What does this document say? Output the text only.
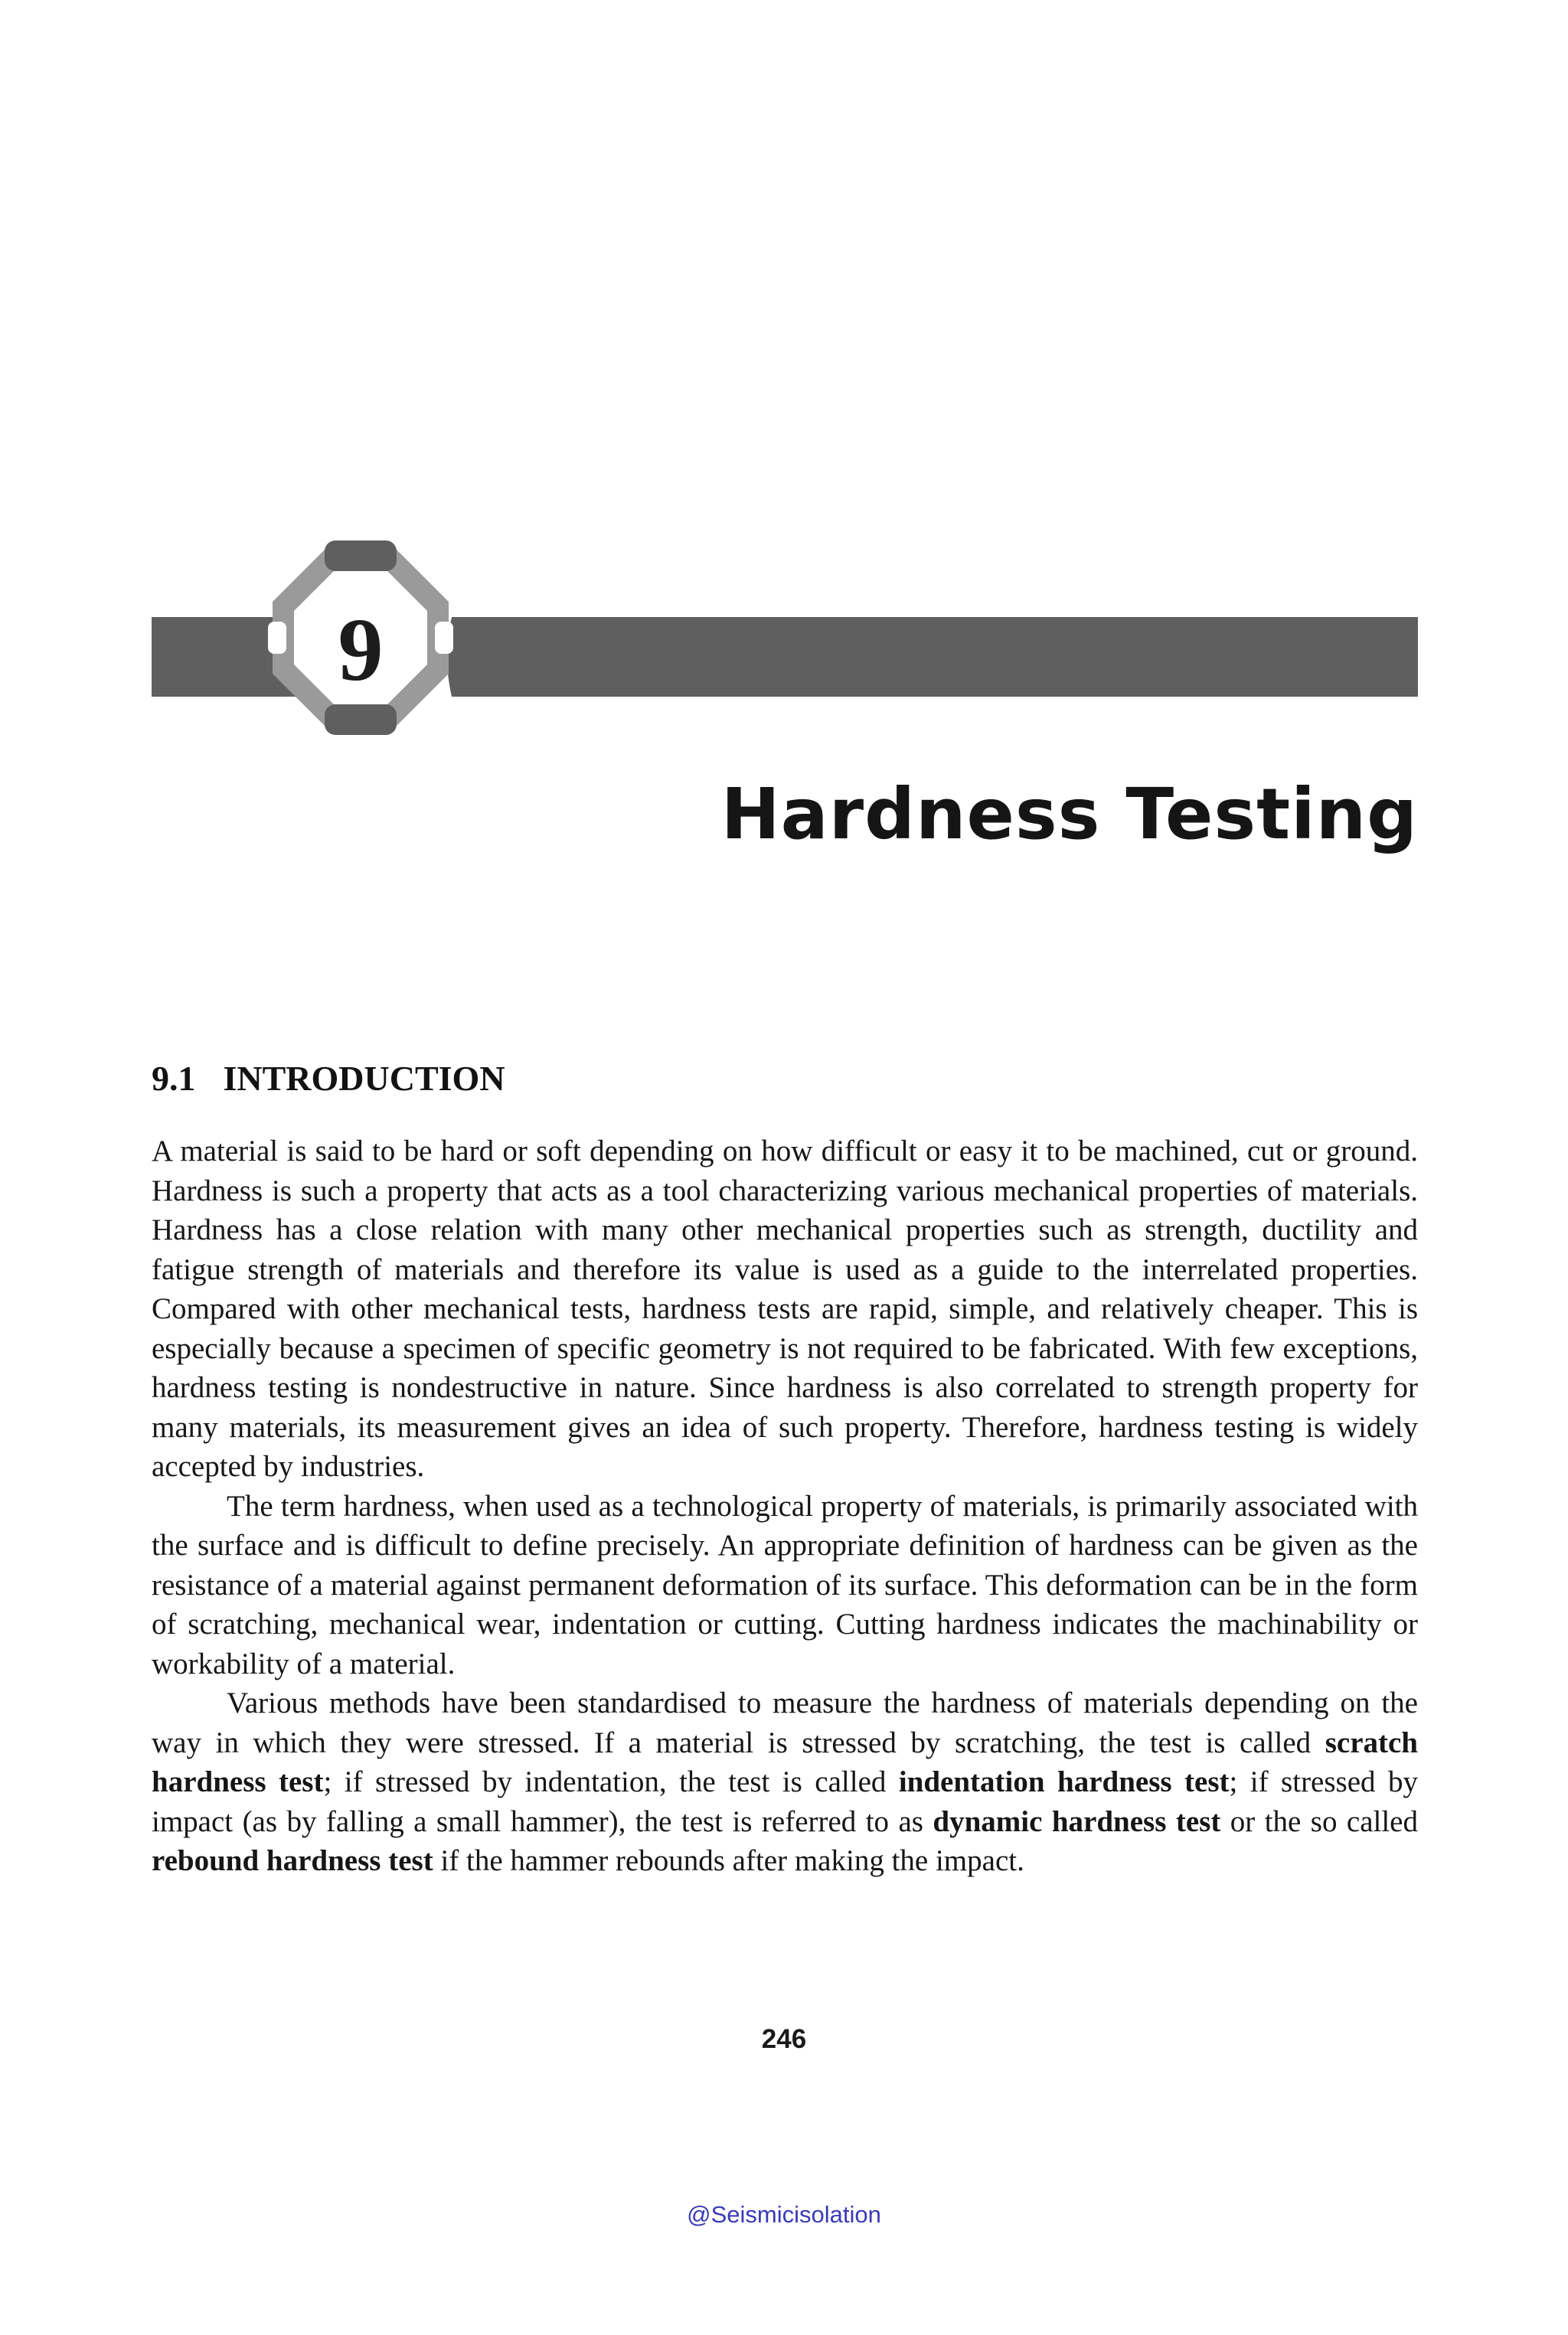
9
Hardness Testing
9.1 INTRODUCTION

A material is said to be hard or soft depending on how difficult or easy it to be machined, cut or ground. Hardness is such a property that acts as a tool characterizing various mechanical properties of materials. Hardness has a close relation with many other mechanical properties such as strength, ductility and fatigue strength of materials and therefore its value is used as a guide to the interrelated properties. Compared with other mechanical tests, hardness tests are rapid, simple, and relatively cheaper. This is especially because a specimen of specific geometry is not required to be fabricated. With few exceptions, hardness testing is nondestructive in nature. Since hardness is also correlated to strength property for many materials, its measurement gives an idea of such property. Therefore, hardness testing is widely accepted by industries.

The term hardness, when used as a technological property of materials, is primarily associated with the surface and is difficult to define precisely. An appropriate definition of hardness can be given as the resistance of a material against permanent deformation of its surface. This deformation can be in the form of scratching, mechanical wear, indentation or cutting. Cutting hardness indicates the machinability or workability of a material.

Various methods have been standardised to measure the hardness of materials depending on the way in which they were stressed. If a material is stressed by scratching, the test is called scratch hardness test; if stressed by indentation, the test is called indentation hardness test; if stressed by impact (as by falling a small hammer), the test is referred to as dynamic hardness test or the so called rebound hardness test if the hammer rebounds after making the impact.

246
@Seismicisolation
